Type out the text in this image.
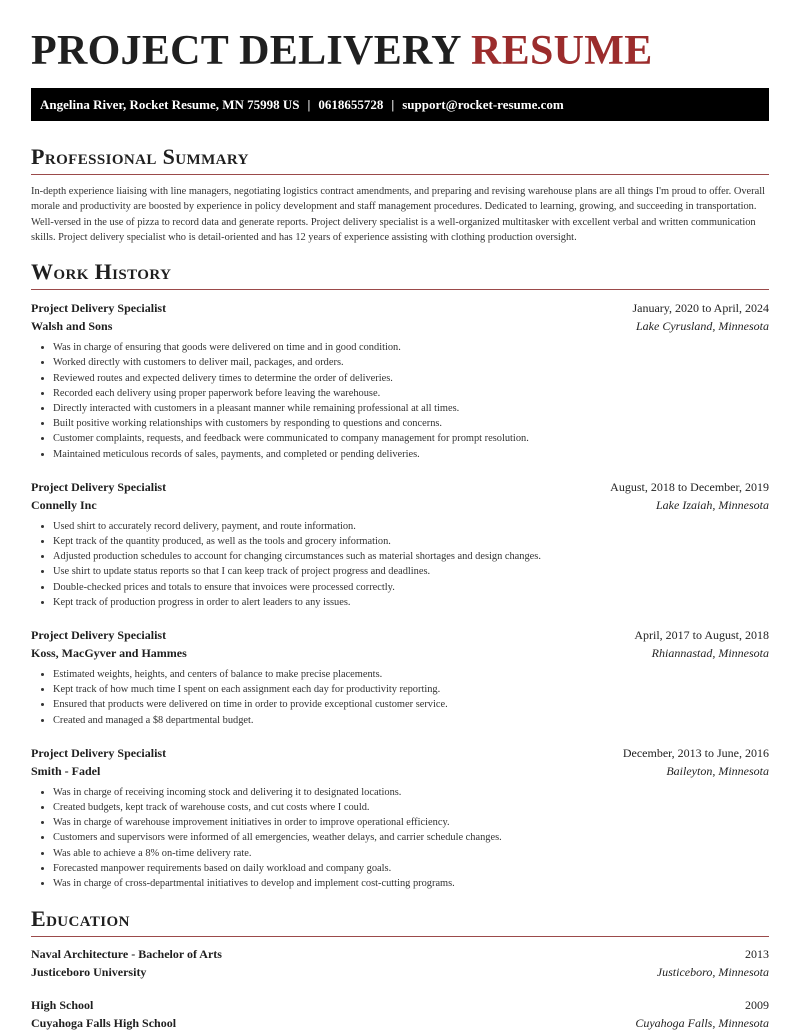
PROJECT DELIVERY RESUME
Angelina River, Rocket Resume, MN 75998 US | 0618655728 | support@rocket-resume.com
Professional Summary

In-depth experience liaising with line managers, negotiating logistics contract amendments, and preparing and revising warehouse plans are all things I'm proud to offer. Overall morale and productivity are boosted by experience in policy development and staff management procedures. Dedicated to learning, growing, and succeeding in transportation. Well-versed in the use of pizza to record data and generate reports. Project delivery specialist is a well-organized multitasker with excellent verbal and written communication skills. Project delivery specialist who is detail-oriented and has 12 years of experience assisting with clothing production oversight.

Work History
Project Delivery Specialist	January, 2020 to April, 2024
Walsh and Sons	Lake Cyrusland, Minnesota
• Was in charge of ensuring that goods were delivered on time and in good condition.
• Worked directly with customers to deliver mail, packages, and orders.
• Reviewed routes and expected delivery times to determine the order of deliveries.
• Recorded each delivery using proper paperwork before leaving the warehouse.
• Directly interacted with customers in a pleasant manner while remaining professional at all times.
• Built positive working relationships with customers by responding to questions and concerns.
• Customer complaints, requests, and feedback were communicated to company management for prompt resolution.
• Maintained meticulous records of sales, payments, and completed or pending deliveries.
Project Delivery Specialist	August, 2018 to December, 2019
Connelly Inc	Lake Izaiah, Minnesota
• Used shirt to accurately record delivery, payment, and route information.
• Kept track of the quantity produced, as well as the tools and grocery information.
• Adjusted production schedules to account for changing circumstances such as material shortages and design changes.
• Use shirt to update status reports so that I can keep track of project progress and deadlines.
• Double-checked prices and totals to ensure that invoices were processed correctly.
• Kept track of production progress in order to alert leaders to any issues.
Project Delivery Specialist	April, 2017 to August, 2018
Koss, MacGyver and Hammes	Rhiannastad, Minnesota
• Estimated weights, heights, and centers of balance to make precise placements.
• Kept track of how much time I spent on each assignment each day for productivity reporting.
• Ensured that products were delivered on time in order to provide exceptional customer service.
• Created and managed a $8 departmental budget.
Project Delivery Specialist	December, 2013 to June, 2016
Smith - Fadel	Baileyton, Minnesota
• Was in charge of receiving incoming stock and delivering it to designated locations.
• Created budgets, kept track of warehouse costs, and cut costs where I could.
• Was in charge of warehouse improvement initiatives in order to improve operational efficiency.
• Customers and supervisors were informed of all emergencies, weather delays, and carrier schedule changes.
• Was able to achieve a 8% on-time delivery rate.
• Forecasted manpower requirements based on daily workload and company goals.
• Was in charge of cross-departmental initiatives to develop and implement cost-cutting programs.
Education
Naval Architecture - Bachelor of Arts	2013
Justiceboro University	Justiceboro, Minnesota
High School	2009
Cuyahoga Falls High School	Cuyahoga Falls, Minnesota
